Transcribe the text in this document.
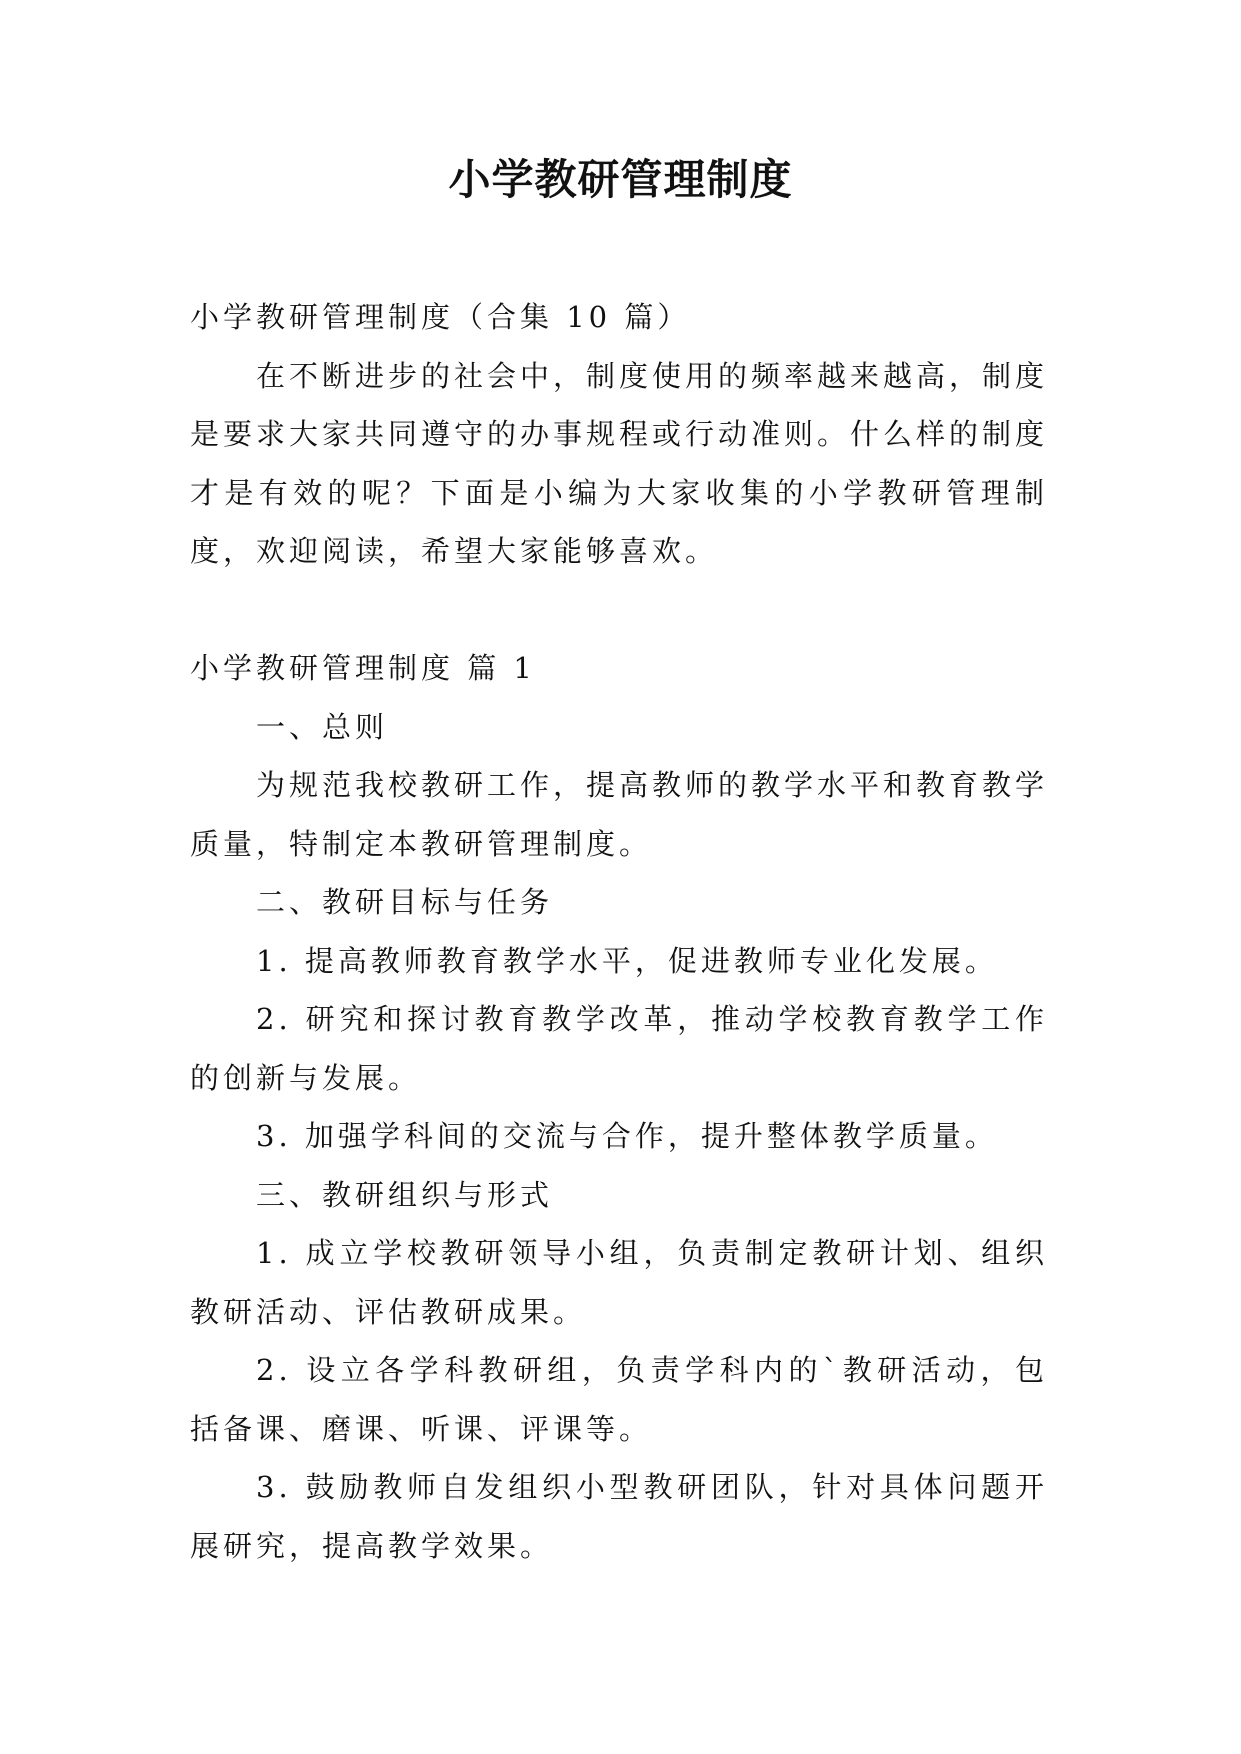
小学教研管理制度

小学教研管理制度（合集 10 篇）

在不断进步的社会中，制度使用的频率越来越高，制度是要求大家共同遵守的办事规程或行动准则。什么样的制度才是有效的呢？下面是小编为大家收集的小学教研管理制度，欢迎阅读，希望大家能够喜欢。

小学教研管理制度 篇 1

一、总则

为规范我校教研工作，提高教师的教学水平和教育教学质量，特制定本教研管理制度。

二、教研目标与任务

1. 提高教师教育教学水平，促进教师专业化发展。

2. 研究和探讨教育教学改革，推动学校教育教学工作的创新与发展。

3. 加强学科间的交流与合作，提升整体教学质量。

三、教研组织与形式

1. 成立学校教研领导小组，负责制定教研计划、组织教研活动、评估教研成果。

2. 设立各学科教研组，负责学科内的`教研活动，包括备课、磨课、听课、评课等。

3. 鼓励教师自发组织小型教研团队，针对具体问题开展研究，提高教学效果。
